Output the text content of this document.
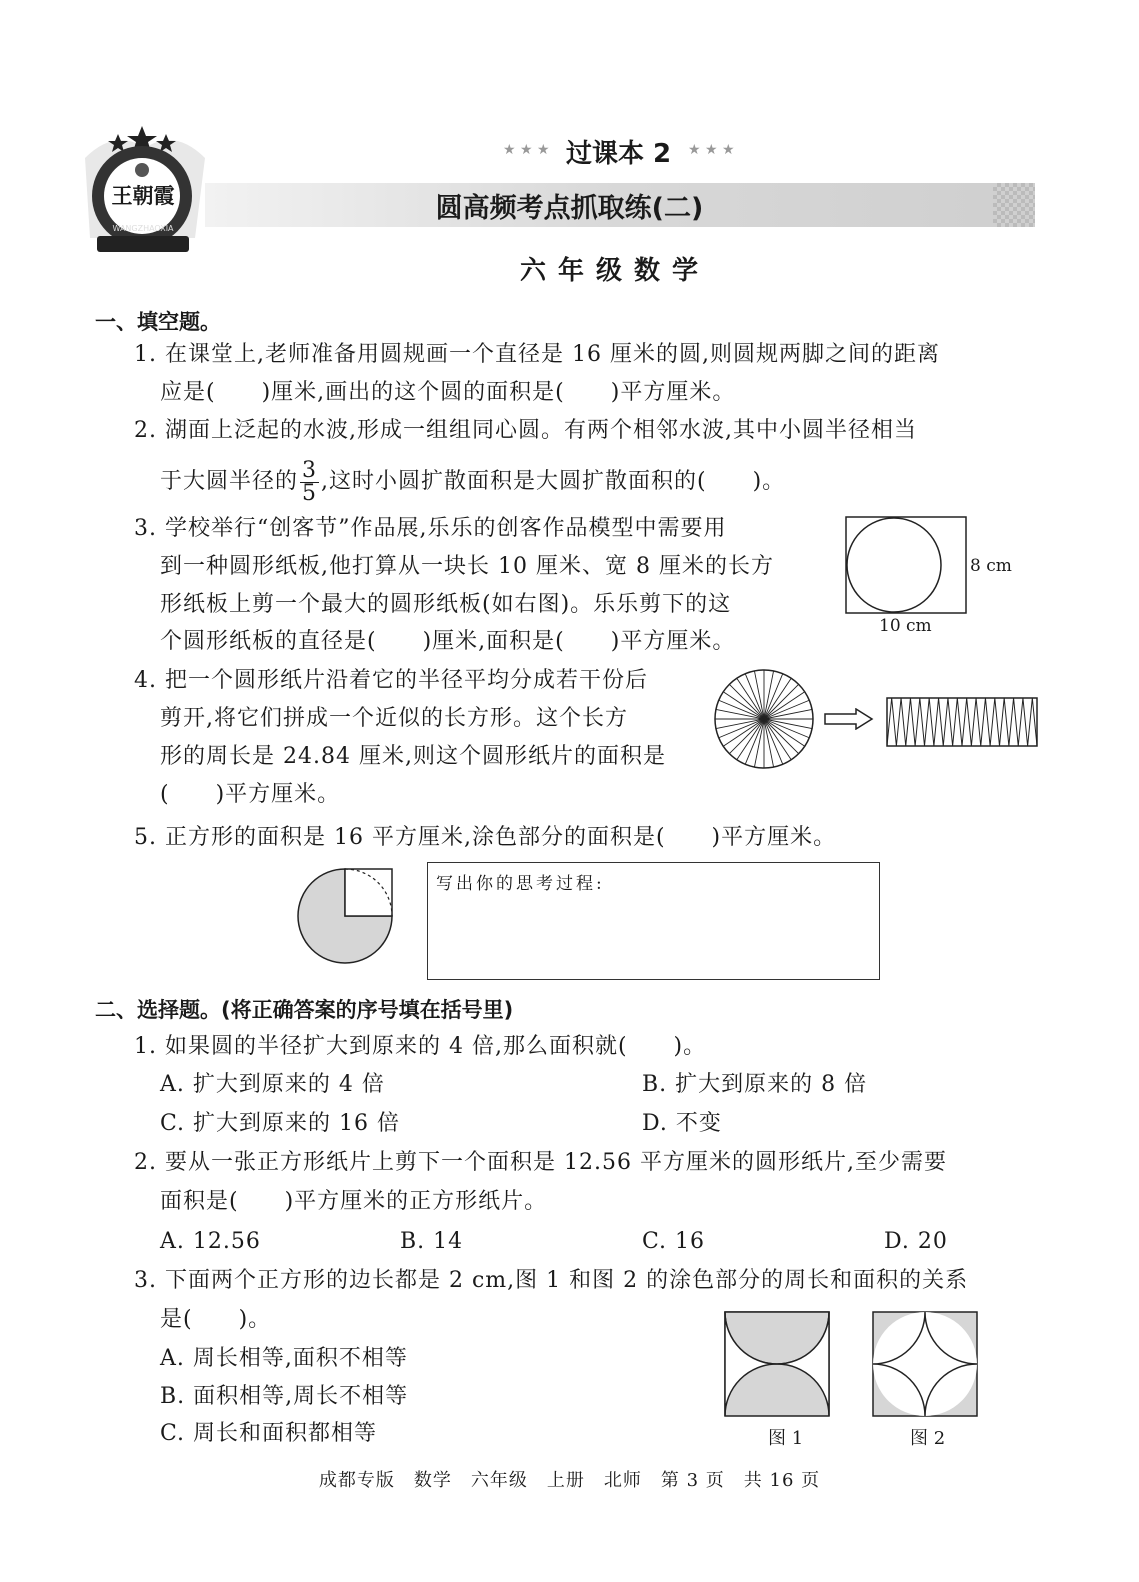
王朝霞
WANGZHAOXIA
★ ★ ★ 过课本 2 ★ ★ ★
圆高频考点抓取练(二)
六年级数学
一、填空题。
1. 在课堂上,老师准备用圆规画一个直径是 16 厘米的圆,则圆规两脚之间的距离
应是(　　)厘米,画出的这个圆的面积是(　　)平方厘米。
2. 湖面上泛起的水波,形成一组组同心圆。有两个相邻水波,其中小圆半径相当
于大圆半径的 $\frac{3}{5}$ ,这时小圆扩散面积是大圆扩散面积的(　　)。
3. 学校举行“创客节”作品展,乐乐的创客作品模型中需要用
到一种圆形纸板,他打算从一块长 10 厘米、宽 8 厘米的长方
形纸板上剪一个最大的圆形纸板(如右图)。乐乐剪下的这
个圆形纸板的直径是(　　)厘米,面积是(　　)平方厘米。
8 cm
10 cm
4. 把一个圆形纸片沿着它的半径平均分成若干份后
剪开,将它们拼成一个近似的长方形。这个长方
形的周长是 24.84 厘米,则这个圆形纸片的面积是
(　　)平方厘米。
5. 正方形的面积是 16 平方厘米,涂色部分的面积是(　　)平方厘米。
写出你的思考过程:
二、选择题。(将正确答案的序号填在括号里)
1. 如果圆的半径扩大到原来的 4 倍,那么面积就(　　)。
A. 扩大到原来的 4 倍	B. 扩大到原来的 8 倍
C. 扩大到原来的 16 倍	D. 不变
2. 要从一张正方形纸片上剪下一个面积是 12.56 平方厘米的圆形纸片,至少需要
面积是(　　)平方厘米的正方形纸片。
A. 12.56	B. 14	C. 16	D. 20
3. 下面两个正方形的边长都是 2 cm,图 1 和图 2 的涂色部分的周长和面积的关系
是(　　)。
A. 周长相等,面积不相等
B. 面积相等,周长不相等
C. 周长和面积都相等	图 1	图 2
成都专版　数学　六年级　上册　北师　第 3 页　共 16 页
